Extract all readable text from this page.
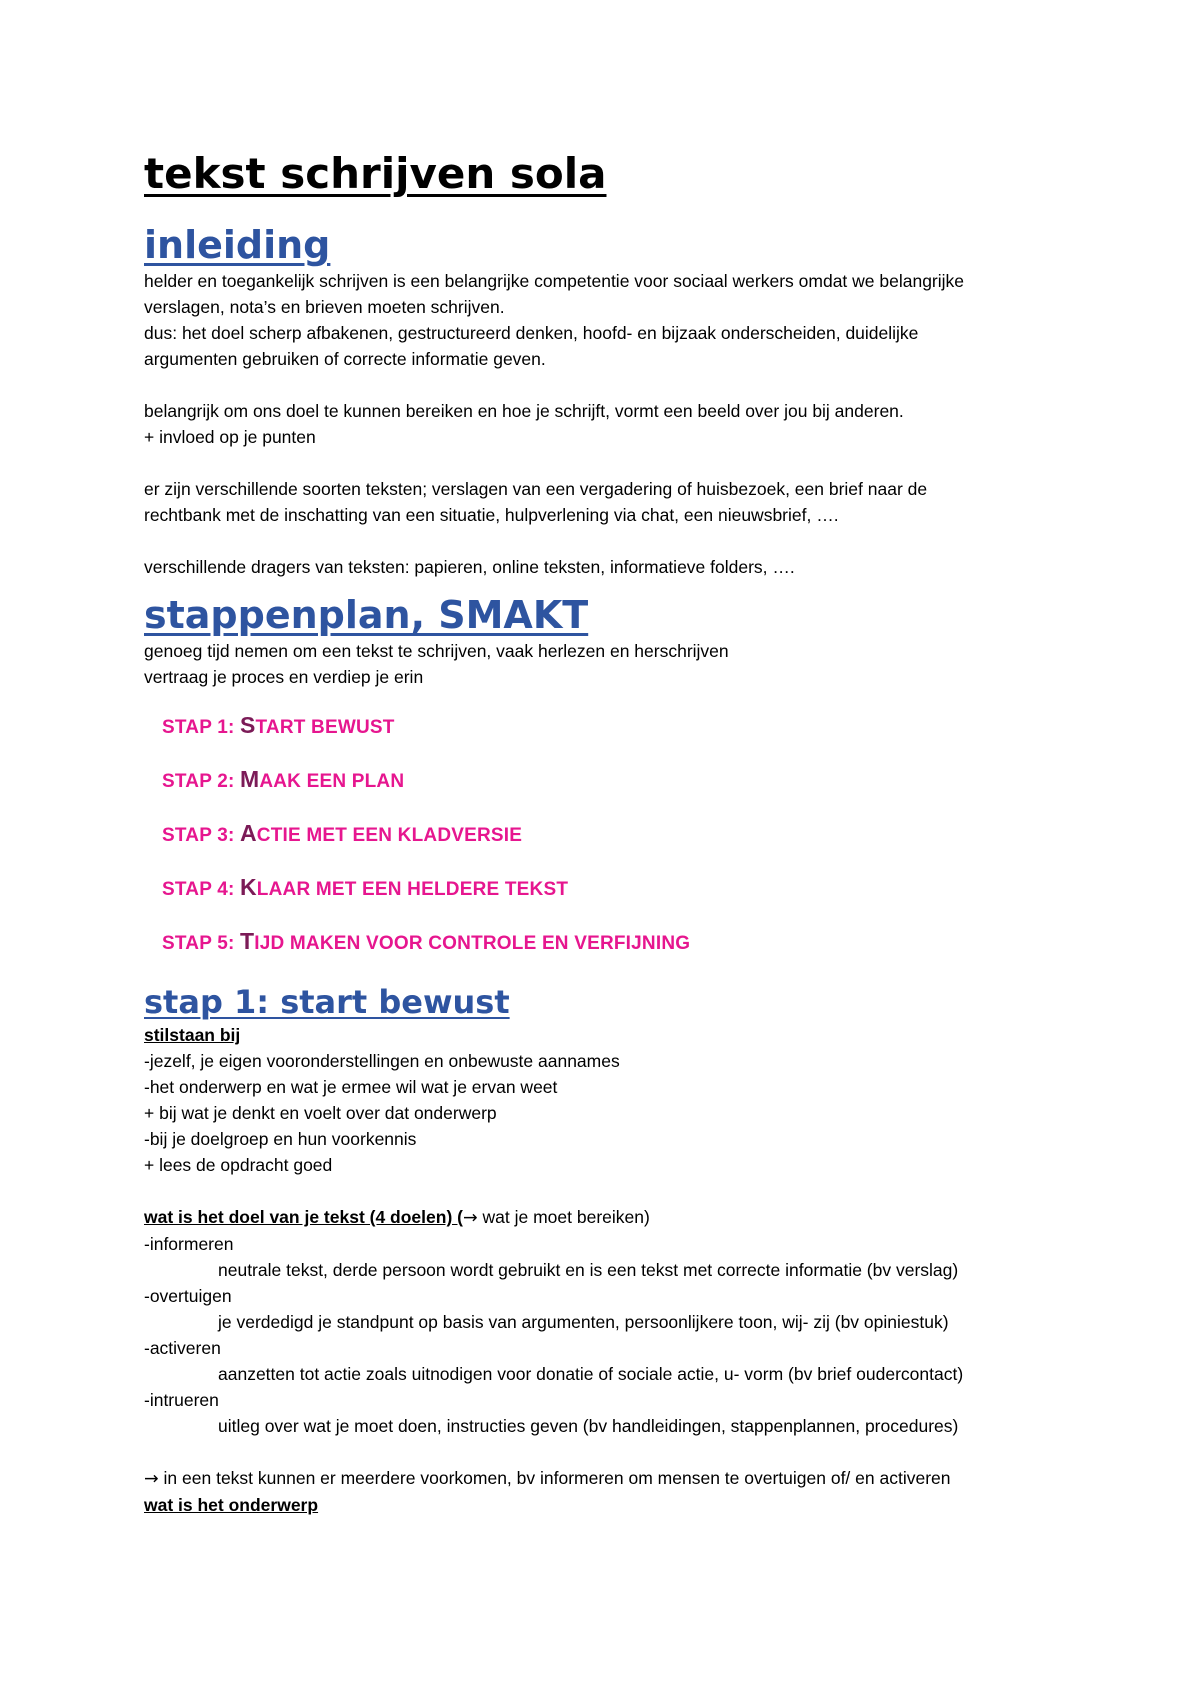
tekst schrijven sola
inleiding

helder en toegankelijk schrijven is een belangrijke competentie voor sociaal werkers omdat we belangrijke

verslagen, nota’s en brieven moeten schrijven.

dus: het doel scherp afbakenen, gestructureerd denken, hoofd- en bijzaak onderscheiden, duidelijke

argumenten gebruiken of correcte informatie geven.

belangrijk om ons doel te kunnen bereiken en hoe je schrijft, vormt een beeld over jou bij anderen.

+ invloed op je punten

er zijn verschillende soorten teksten; verslagen van een vergadering of huisbezoek, een brief naar de

rechtbank met de inschatting van een situatie, hulpverlening via chat, een nieuwsbrief, ….

verschillende dragers van teksten: papieren, online teksten, informatieve folders, ….

stappenplan, SMAKT

genoeg tijd nemen om een tekst te schrijven, vaak herlezen en herschrijven

vertraag je proces en verdiep je erin

STAP 1: START BEWUST

STAP 2: MAAK EEN PLAN

STAP 3: ACTIE MET EEN KLADVERSIE

STAP 4: KLAAR MET EEN HELDERE TEKST

STAP 5: TIJD MAKEN VOOR CONTROLE EN VERFIJNING

stap 1: start bewust

stilstaan bij

-jezelf, je eigen vooronderstellingen en onbewuste aannames

-het onderwerp en wat je ermee wil wat je ervan weet

+ bij wat je denkt en voelt over dat onderwerp

-bij je doelgroep en hun voorkennis

+ lees de opdracht goed

wat is het doel van je tekst (4 doelen) (→ wat je moet bereiken)

-informeren

neutrale tekst, derde persoon wordt gebruikt en is een tekst met correcte informatie (bv verslag)

-overtuigen

je verdedigd je standpunt op basis van argumenten, persoonlijkere toon, wij- zij (bv opiniestuk)

-activeren

aanzetten tot actie zoals uitnodigen voor donatie of sociale actie, u- vorm (bv brief oudercontact)

-intrueren

uitleg over wat je moet doen, instructies geven (bv handleidingen, stappenplannen, procedures)

→ in een tekst kunnen er meerdere voorkomen, bv informeren om mensen te overtuigen of/ en activeren

wat is het onderwerp
